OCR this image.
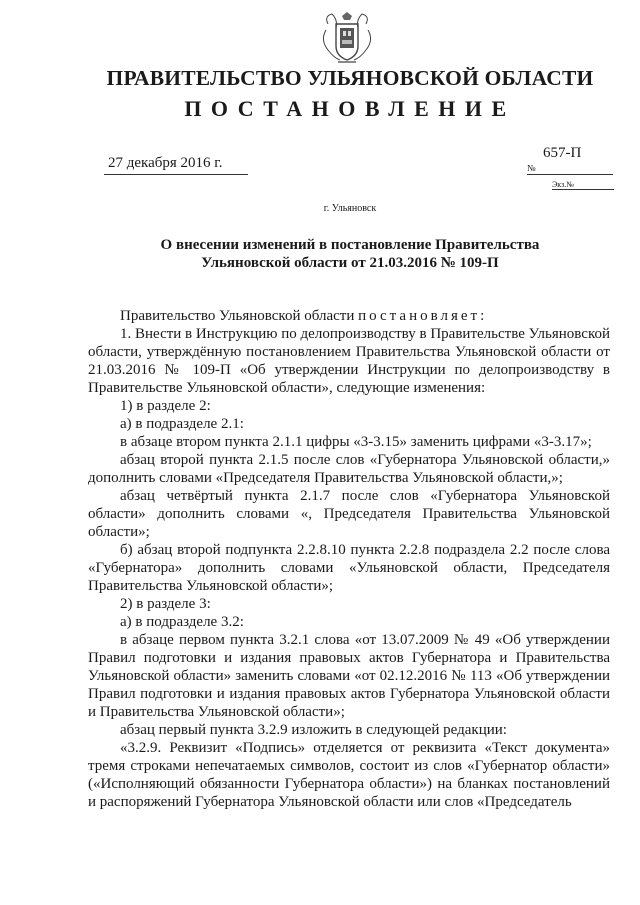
ПРАВИТЕЛЬСТВО УЛЬЯНОВСКОЙ ОБЛАСТИ
ПОСТАНОВЛЕНИЕ
27 декабря 2016 г.
657-П
№
Экз.№
г. Ульяновск
О внесении изменений в постановление Правительства
Ульяновской области от 21.03.2016 № 109-П

Правительство Ульяновской области постановляет:

1. Внести в Инструкцию по делопроизводству в Правительстве Ульяновской области, утверждённую постановлением Правительства Ульяновской области от 21.03.2016 № 109-П «Об утверждении Инструкции по делопроизводству в Правительстве Ульяновской области», следующие изменения:

1) в разделе 2:

а) в подразделе 2.1:

в абзаце втором пункта 2.1.1 цифры «3-3.15» заменить цифрами «3-3.17»;

абзац второй пункта 2.1.5 после слов «Губернатора Ульяновской области,» дополнить словами «Председателя Правительства Ульяновской области,»;

абзац четвёртый пункта 2.1.7 после слов «Губернатора Ульяновской области» дополнить словами «, Председателя Правительства Ульяновской области»;

б) абзац второй подпункта 2.2.8.10 пункта 2.2.8 подраздела 2.2 после слова «Губернатора» дополнить словами «Ульяновской области, Председателя Правительства Ульяновской области»;

2) в разделе 3:

а) в подразделе 3.2:

в абзаце первом пункта 3.2.1 слова «от 13.07.2009 № 49 «Об утверждении Правил подготовки и издания правовых актов Губернатора и Правительства Ульяновской области» заменить словами «от 02.12.2016 № 113 «Об утверждении Правил подготовки и издания правовых актов Губернатора Ульяновской области и Правительства Ульяновской области»;

абзац первый пункта 3.2.9 изложить в следующей редакции:

«3.2.9. Реквизит «Подпись» отделяется от реквизита «Текст документа» тремя строками непечатаемых символов, состоит из слов «Губернатор области» («Исполняющий обязанности Губернатора области») на бланках постановлений и распоряжений Губернатора Ульяновской области или слов «Председатель
